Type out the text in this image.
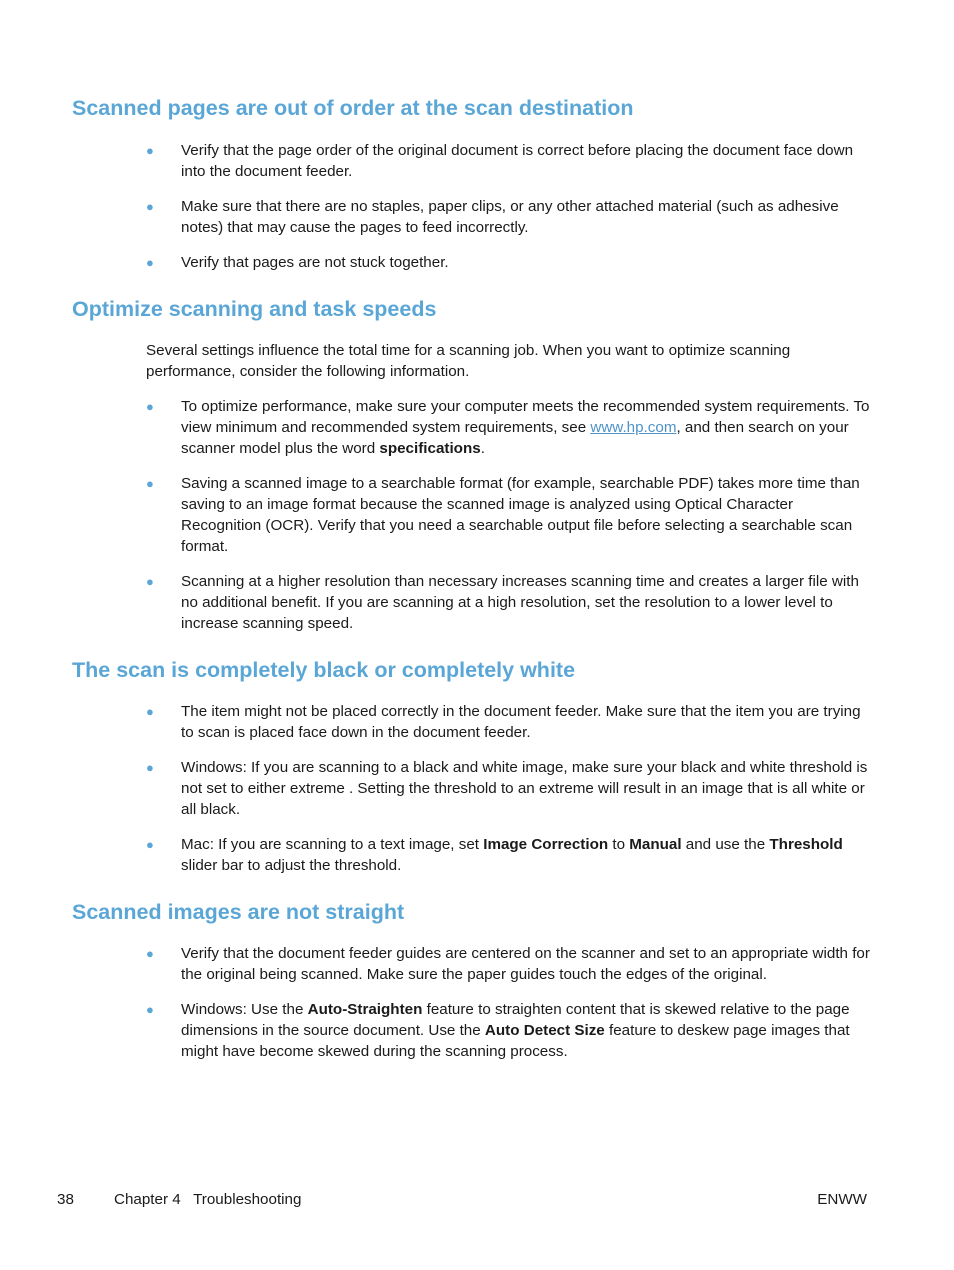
Scanned pages are out of order at the scan destination
● Verify that the page order of the original document is correct before placing the document face down into the document feeder.
● Make sure that there are no staples, paper clips, or any other attached material (such as adhesive notes) that may cause the pages to feed incorrectly.
● Verify that pages are not stuck together.
Optimize scanning and task speeds
Several settings influence the total time for a scanning job. When you want to optimize scanning performance, consider the following information.
● To optimize performance, make sure your computer meets the recommended system requirements. To view minimum and recommended system requirements, see www.hp.com, and then search on your scanner model plus the word specifications.
● Saving a scanned image to a searchable format (for example, searchable PDF) takes more time than saving to an image format because the scanned image is analyzed using Optical Character Recognition (OCR). Verify that you need a searchable output file before selecting a searchable scan format.
● Scanning at a higher resolution than necessary increases scanning time and creates a larger file with no additional benefit. If you are scanning at a high resolution, set the resolution to a lower level to increase scanning speed.
The scan is completely black or completely white
● The item might not be placed correctly in the document feeder. Make sure that the item you are trying to scan is placed face down in the document feeder.
● Windows: If you are scanning to a black and white image, make sure your black and white threshold is not set to either extreme . Setting the threshold to an extreme will result in an image that is all white or all black.
● Mac: If you are scanning to a text image, set Image Correction to Manual and use the Threshold slider bar to adjust the threshold.
Scanned images are not straight
● Verify that the document feeder guides are centered on the scanner and set to an appropriate width for the original being scanned. Make sure the paper guides touch the edges of the original.
● Windows: Use the Auto-Straighten feature to straighten content that is skewed relative to the page dimensions in the source document. Use the Auto Detect Size feature to deskew page images that might have become skewed during the scanning process.
38	Chapter 4   Troubleshooting	ENWW
